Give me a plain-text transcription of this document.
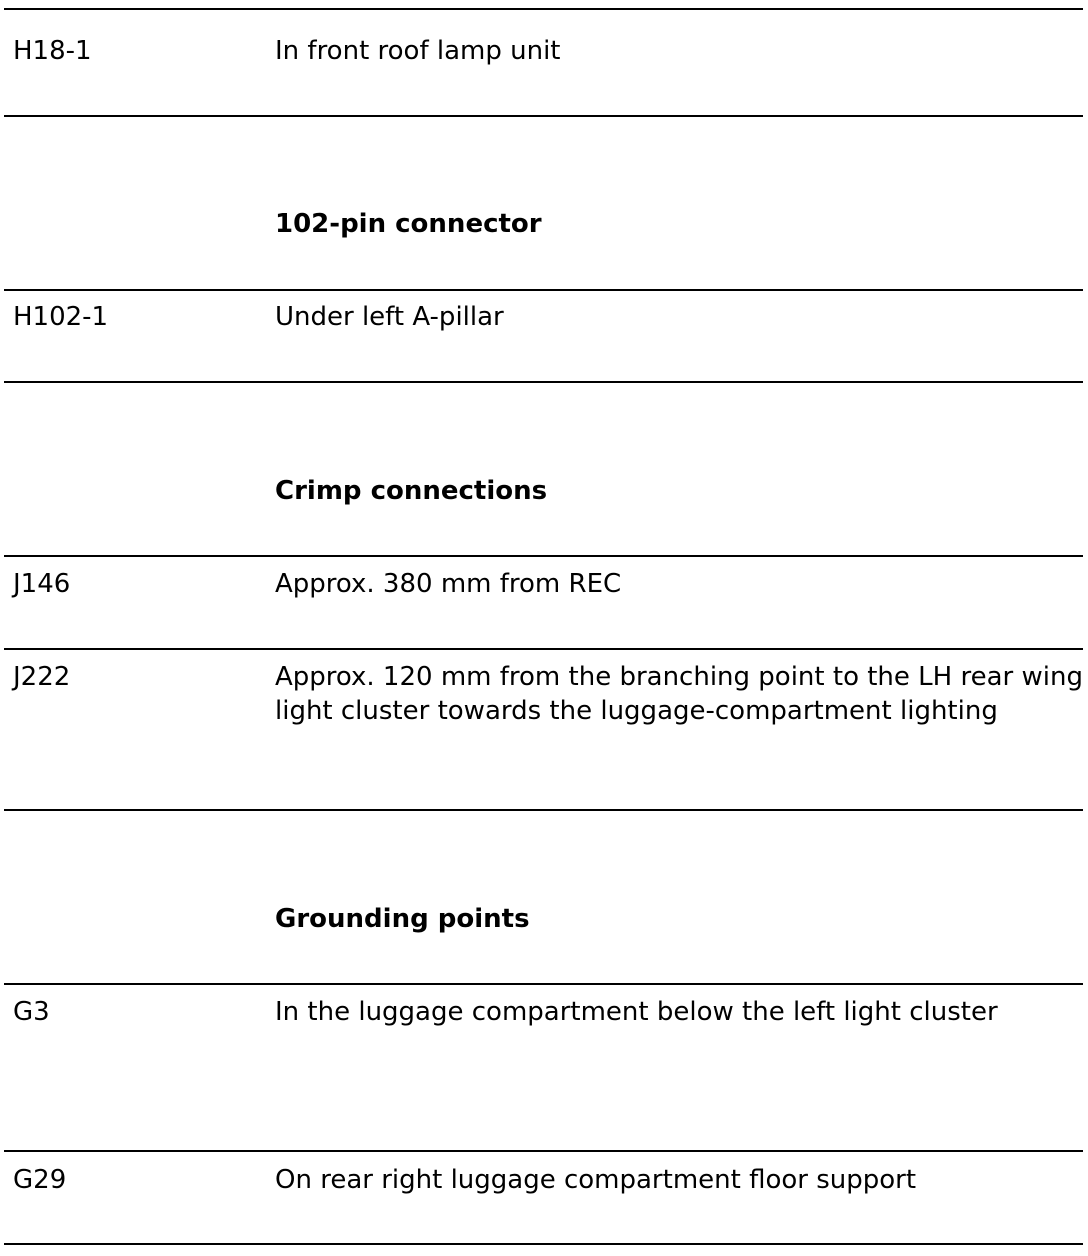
H18-1	In front roof lamp unit
102-pin connector
H102-1	Under left A-pillar
Crimp connections
J146	Approx. 380 mm from REC
J222	Approx. 120 mm from the branching point to the LH rear wing light cluster towards the luggage-compartment lighting
Grounding points
G3	In the luggage compartment below the left light cluster
G29	On rear right luggage compartment floor support
